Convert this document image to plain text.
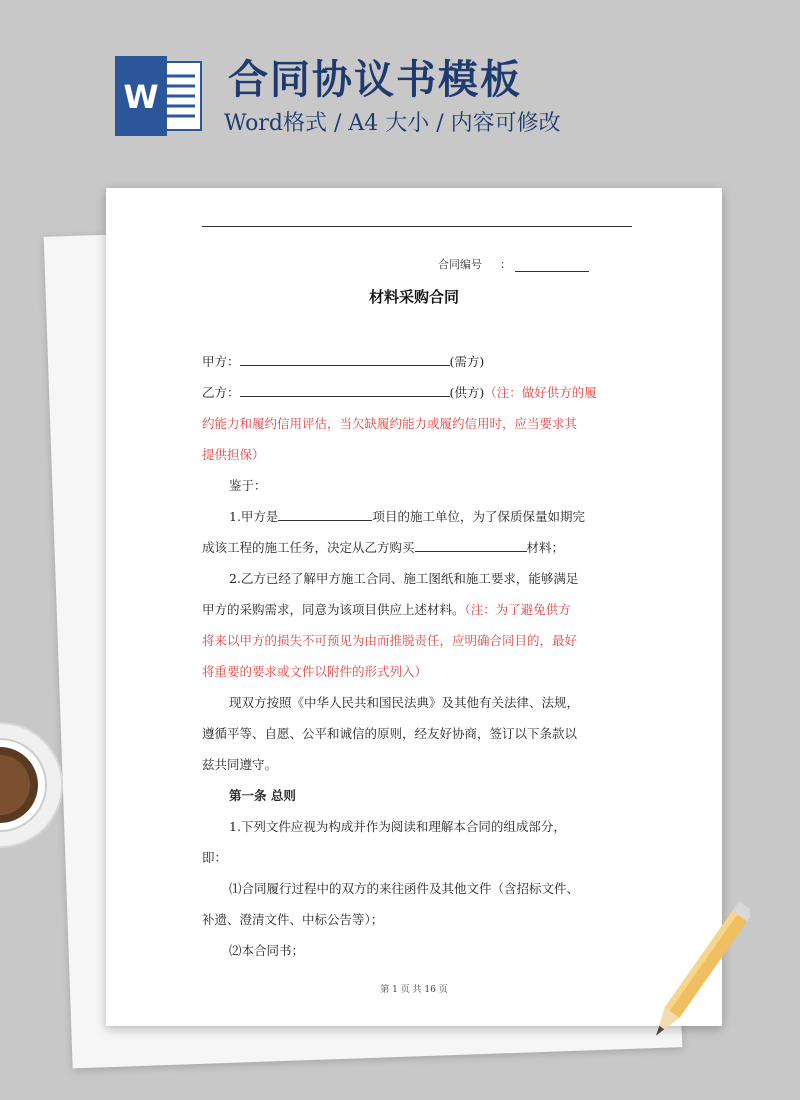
W 合同协议书模板
Word格式 / A4 大小 / 内容可修改
合同编号 ：
材料采购合同
甲方：	(需方)
乙方：	(供方)（注：做好供方的履
约能力和履约信用评估，当欠缺履约能力或履约信用时，应当要求其
提供担保）
鉴于：
1.甲方是	项目的施工单位，为了保质保量如期完
成该工程的施工任务，决定从乙方购买	材料；
2.乙方已经了解甲方施工合同、施工图纸和施工要求，能够满足
甲方的采购需求，同意为该项目供应上述材料。（注：为了避免供方
将来以甲方的损失不可预见为由而推脱责任，应明确合同目的，最好
将重要的要求或文件以附件的形式列入）
现双方按照《中华人民共和国民法典》及其他有关法律、法规，
遵循平等、自愿、公平和诚信的原则，经友好协商，签订以下条款以
兹共同遵守。
第一条 总则
1.下列文件应视为构成并作为阅读和理解本合同的组成部分，
即：
⑴合同履行过程中的双方的来往函件及其他文件（含招标文件、
补遗、澄清文件、中标公告等）；
⑵本合同书；
第 1 页 共 16 页
